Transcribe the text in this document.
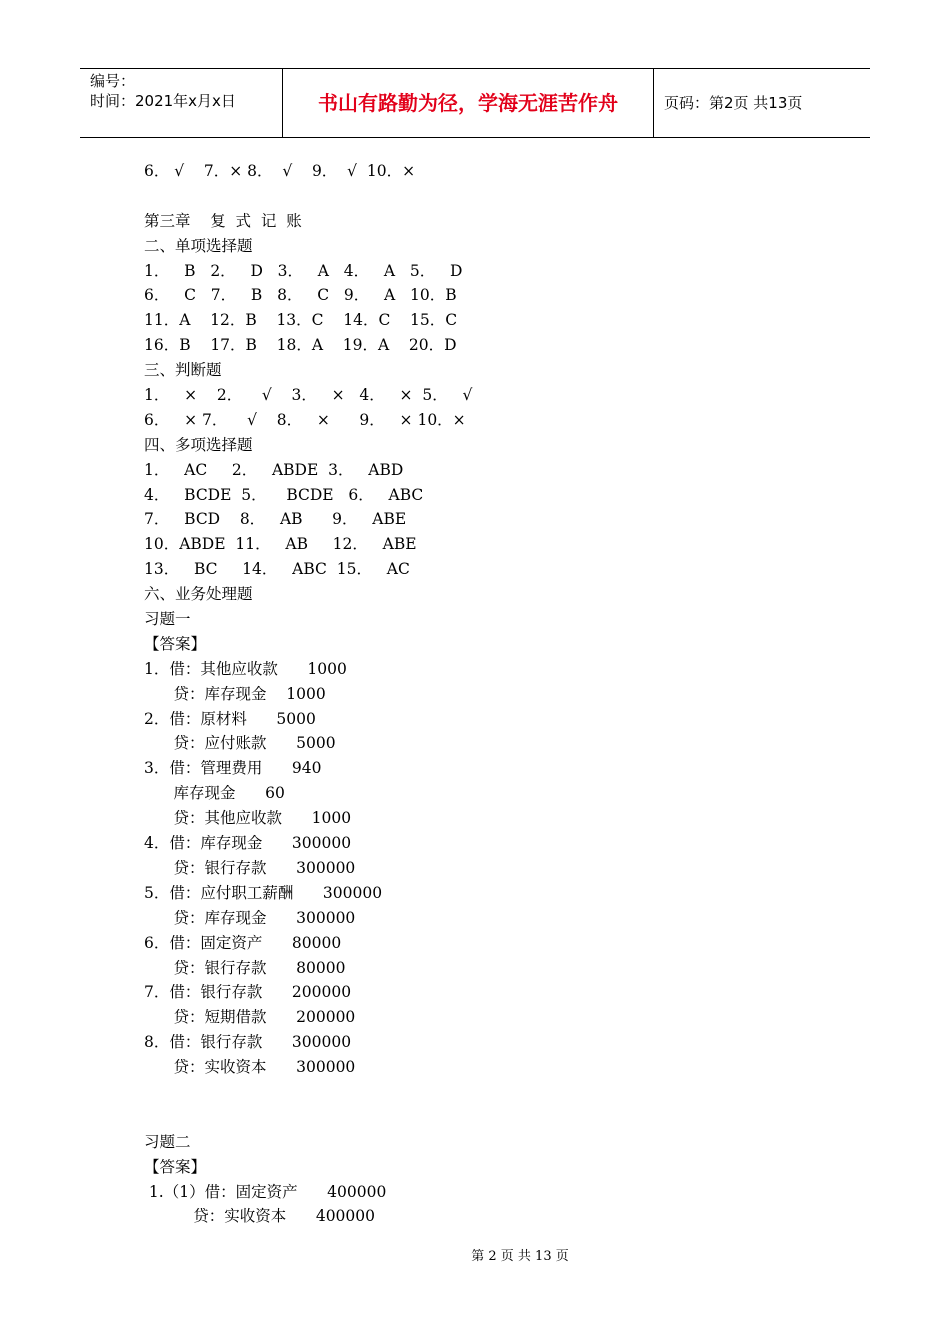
编号：
时间：2021年x月x日	书山有路勤为径，学海无涯苦作舟	页码：第2页 共13页
6． √    7．× 8．  √    9．  √  10．×
第三章    复  式  记  账
二、单项选择题
1．   B   2．   D   3．   A   4．   A   5．   D
6．   C   7．   B   8．   C   9．   A   10．B
11．A    12．B    13．C    14．C    15．C
16．B    17．B    18．A    19．A    20．D
三、判断题
1．   ×    2．    √    3．   ×   4．   ×  5．   √
6．   × 7．    √    8．   ×      9．   × 10．×
四、多项选择题
1．   AC     2．   ABDE  3．   ABD
4．   BCDE  5．    BCDE   6．   ABC
7．   BCD    8．   AB      9．   ABE
10．ABDE  11．   AB     12．   ABE
13．   BC     14．   ABC  15．   AC
六、业务处理题
习题一
【答案】
1．借：其他应收款      1000
贷：库存现金    1000
2．借：原材料      5000
贷：应付账款      5000
3．借：管理费用      940
库存现金      60
贷：其他应收款      1000
4．借：库存现金      300000
贷：银行存款      300000
5．借：应付职工薪酬      300000
贷：库存现金      300000
6．借：固定资产      80000
贷：银行存款      80000
7．借：银行存款      200000
贷：短期借款      200000
8．借：银行存款      300000
贷：实收资本      300000
习题二
【答案】
1.（1）借：固定资产      400000
贷：实收资本      400000
第 2 页 共 13 页
